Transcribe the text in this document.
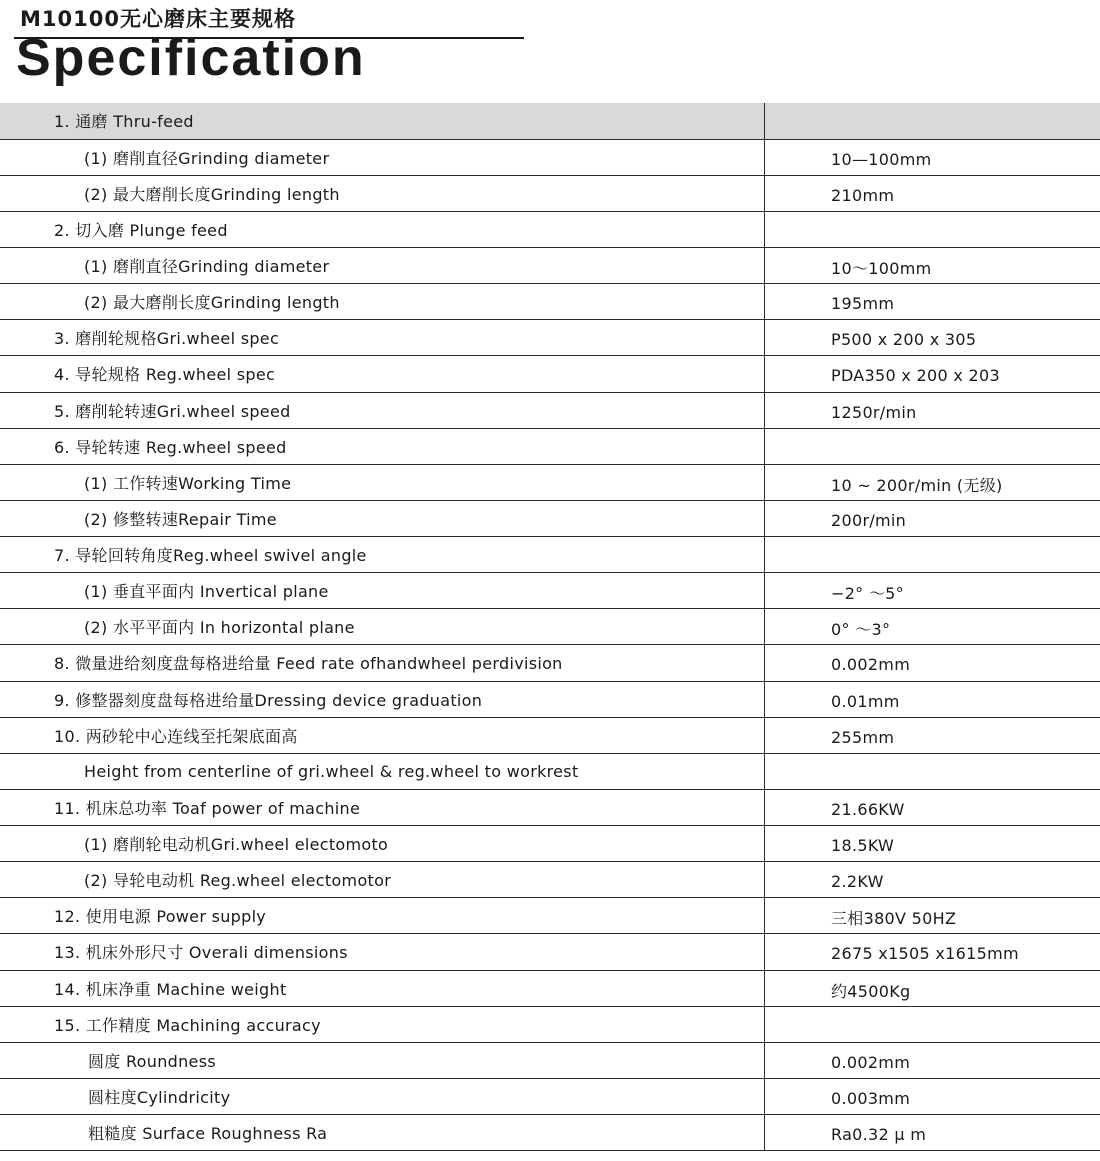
M10100无心磨床主要规格
Specification
1. 通磨 Thru-feed	
(1) 磨削直径Grinding diameter	10—100mm
(2) 最大磨削长度Grinding length	210mm
2. 切入磨 Plunge feed	
(1) 磨削直径Grinding diameter	10～100mm
(2) 最大磨削长度Grinding length	195mm
3. 磨削轮规格Gri.wheel spec	P500 x 200 x 305
4. 导轮规格 Reg.wheel spec	PDA350 x 200 x 203
5. 磨削轮转速Gri.wheel speed	1250r/min
6. 导轮转速 Reg.wheel speed	
(1) 工作转速Working Time	10 ~ 200r/min (无级)
(2) 修整转速Repair Time	200r/min
7. 导轮回转角度Reg.wheel swivel angle	
(1) 垂直平面内 Invertical plane	−2° ～5°
(2) 水平平面内 In horizontal plane	0° ～3°
8. 微量进给刻度盘每格进给量 Feed rate ofhandwheel perdivision	0.002mm
9. 修整器刻度盘每格进给量Dressing device graduation	0.01mm
10. 两砂轮中心连线至托架底面高	255mm
Height from centerline of gri.wheel & reg.wheel to workrest	
11. 机床总功率 Toaf power of machine	21.66KW
(1) 磨削轮电动机Gri.wheel electomoto	18.5KW
(2) 导轮电动机 Reg.wheel electomotor	2.2KW
12. 使用电源 Power supply	三相380V 50HZ
13. 机床外形尺寸 Overali dimensions	2675 x1505 x1615mm
14. 机床净重 Machine weight	约4500Kg
15. 工作精度 Machining accuracy	
圆度 Roundness	0.002mm
圆柱度Cylindricity	0.003mm
粗糙度 Surface Roughness Ra	Ra0.32 μ m
